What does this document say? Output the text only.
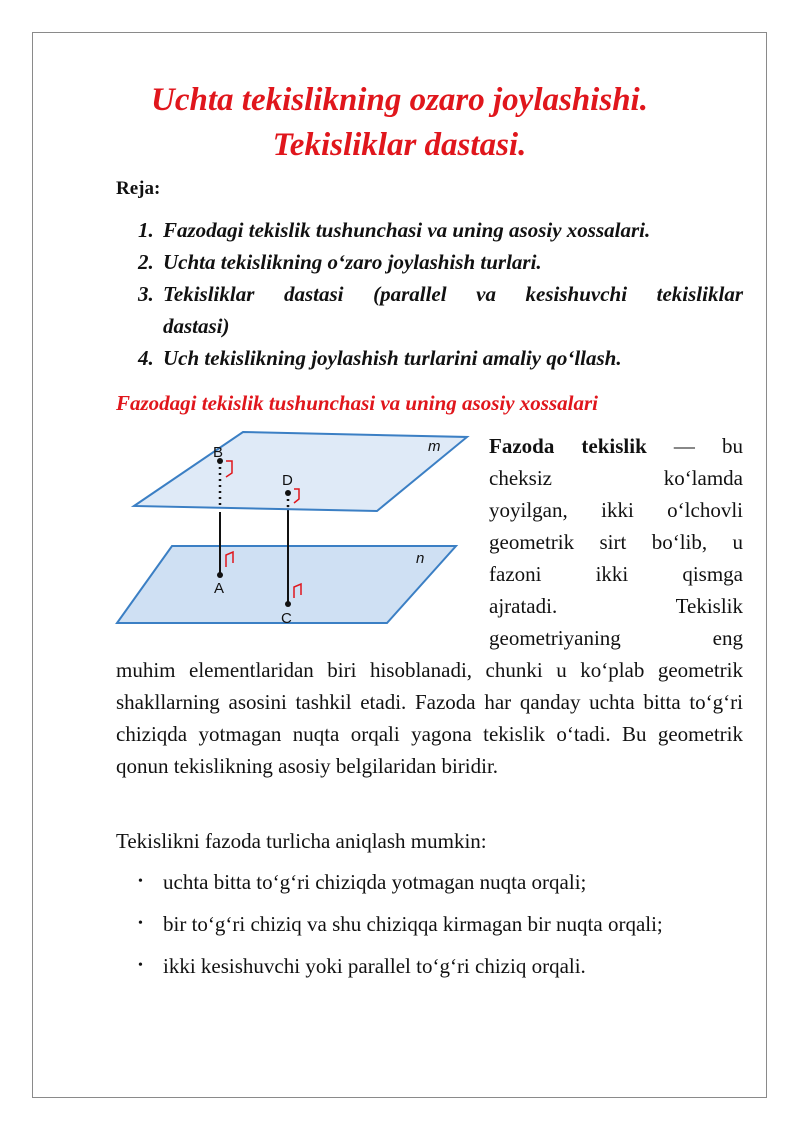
Uchta tekislikning ozaro joylashishi.
Tekisliklar dastasi.
Reja:
1. Fazodagi tekislik tushunchasi va uning asosiy xossalari.
2. Uchta tekislikning o‘zaro joylashish turlari.
3. Tekisliklar dastasi (parallel va kesishuvchi tekisliklar
dastasi)
4. Uch tekislikning joylashish turlarini amaliy qo‘llash.
Fazodagi tekislik tushunchasi va uning asosiy xossalari
B
D
A
C
m
n
Fazoda tekislik — bu
cheksiz ko‘lamda
yoyilgan, ikki o‘lchovli
geometrik sirt bo‘lib, u
fazoni ikki qismga
ajratadi. Tekislik
geometriyaning eng

muhim elementlaridan biri hisoblanadi, chunki u ko‘plab geometrik shakllarning asosini tashkil etadi. Fazoda har qanday uchta bitta to‘g‘ri chiziqda yotmagan nuqta orqali yagona tekislik o‘tadi. Bu geometrik qonun tekislikning asosiy belgilaridan biridir.

Tekislikni fazoda turlicha aniqlash mumkin:

• uchta bitta to‘g‘ri chiziqda yotmagan nuqta orqali;
• bir to‘g‘ri chiziq va shu chiziqqa kirmagan bir nuqta orqali;
• ikki kesishuvchi yoki parallel to‘g‘ri chiziq orqali.
